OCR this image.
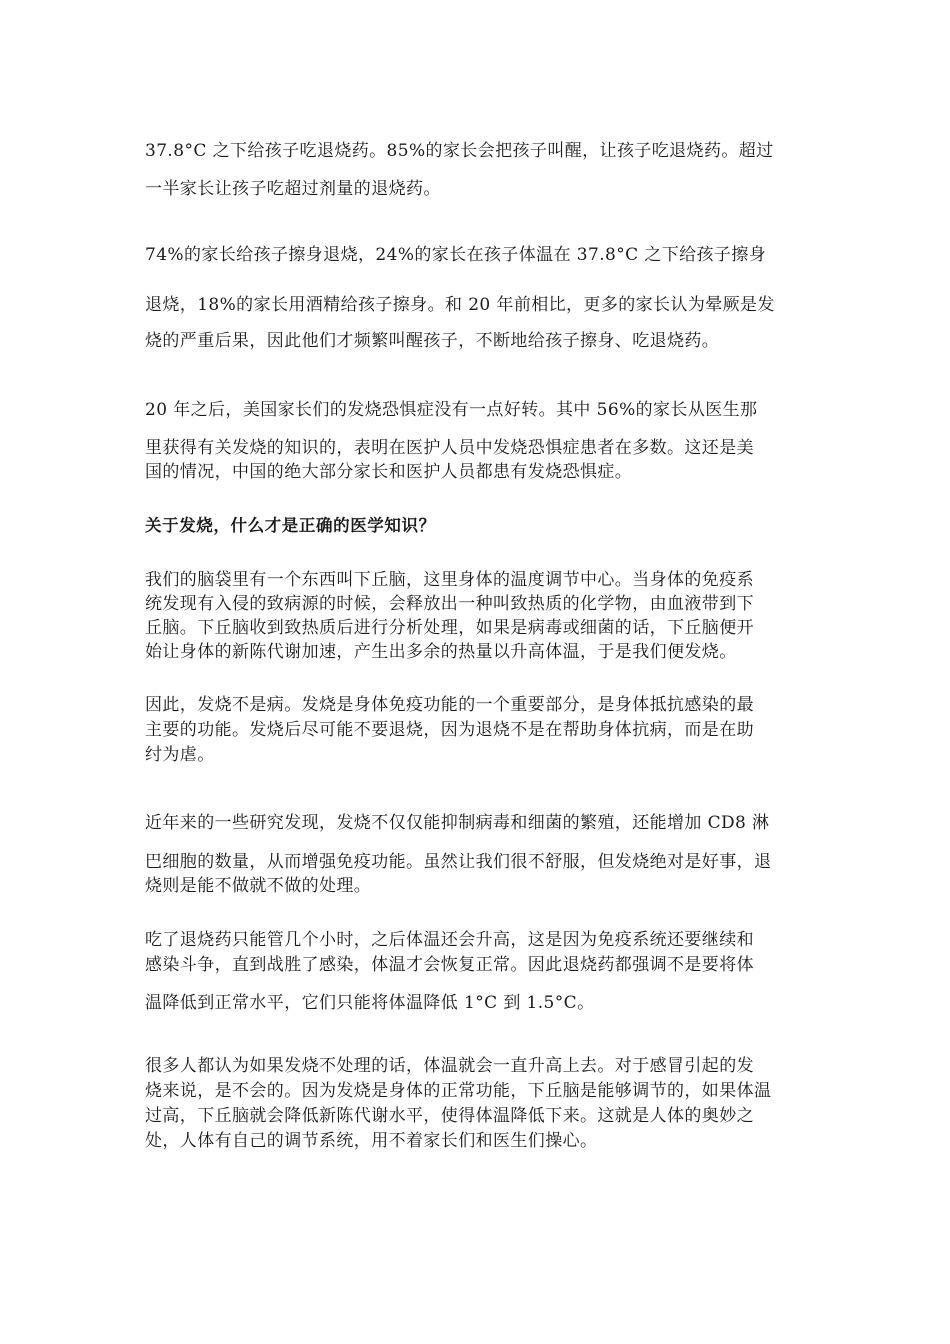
37.8°C 之下给孩子吃退烧药。85%的家长会把孩子叫醒，让孩子吃退烧药。超过
一半家长让孩子吃超过剂量的退烧药。
74%的家长给孩子擦身退烧，24%的家长在孩子体温在 37.8°C 之下给孩子擦身
退烧，18%的家长用酒精给孩子擦身。和 20 年前相比，更多的家长认为晕厥是发
烧的严重后果，因此他们才频繁叫醒孩子，不断地给孩子擦身、吃退烧药。
20 年之后，美国家长们的发烧恐惧症没有一点好转。其中 56%的家长从医生那
里获得有关发烧的知识的，表明在医护人员中发烧恐惧症患者在多数。这还是美
国的情况，中国的绝大部分家长和医护人员都患有发烧恐惧症。
关于发烧，什么才是正确的医学知识？
我们的脑袋里有一个东西叫下丘脑，这里身体的温度调节中心。当身体的免疫系
统发现有入侵的致病源的时候，会释放出一种叫致热质的化学物，由血液带到下
丘脑。下丘脑收到致热质后进行分析处理，如果是病毒或细菌的话，下丘脑便开
始让身体的新陈代谢加速，产生出多余的热量以升高体温，于是我们便发烧。
因此，发烧不是病。发烧是身体免疫功能的一个重要部分，是身体抵抗感染的最
主要的功能。发烧后尽可能不要退烧，因为退烧不是在帮助身体抗病，而是在助
纣为虐。
近年来的一些研究发现，发烧不仅仅能抑制病毒和细菌的繁殖，还能增加 CD8 淋
巴细胞的数量，从而增强免疫功能。虽然让我们很不舒服，但发烧绝对是好事，退
烧则是能不做就不做的处理。
吃了退烧药只能管几个小时，之后体温还会升高，这是因为免疫系统还要继续和
感染斗争，直到战胜了感染，体温才会恢复正常。因此退烧药都强调不是要将体
温降低到正常水平，它们只能将体温降低 1°C 到 1.5°C。
很多人都认为如果发烧不处理的话，体温就会一直升高上去。对于感冒引起的发
烧来说，是不会的。因为发烧是身体的正常功能，下丘脑是能够调节的，如果体温
过高，下丘脑就会降低新陈代谢水平，使得体温降低下来。这就是人体的奥妙之
处，人体有自己的调节系统，用不着家长们和医生们操心。
